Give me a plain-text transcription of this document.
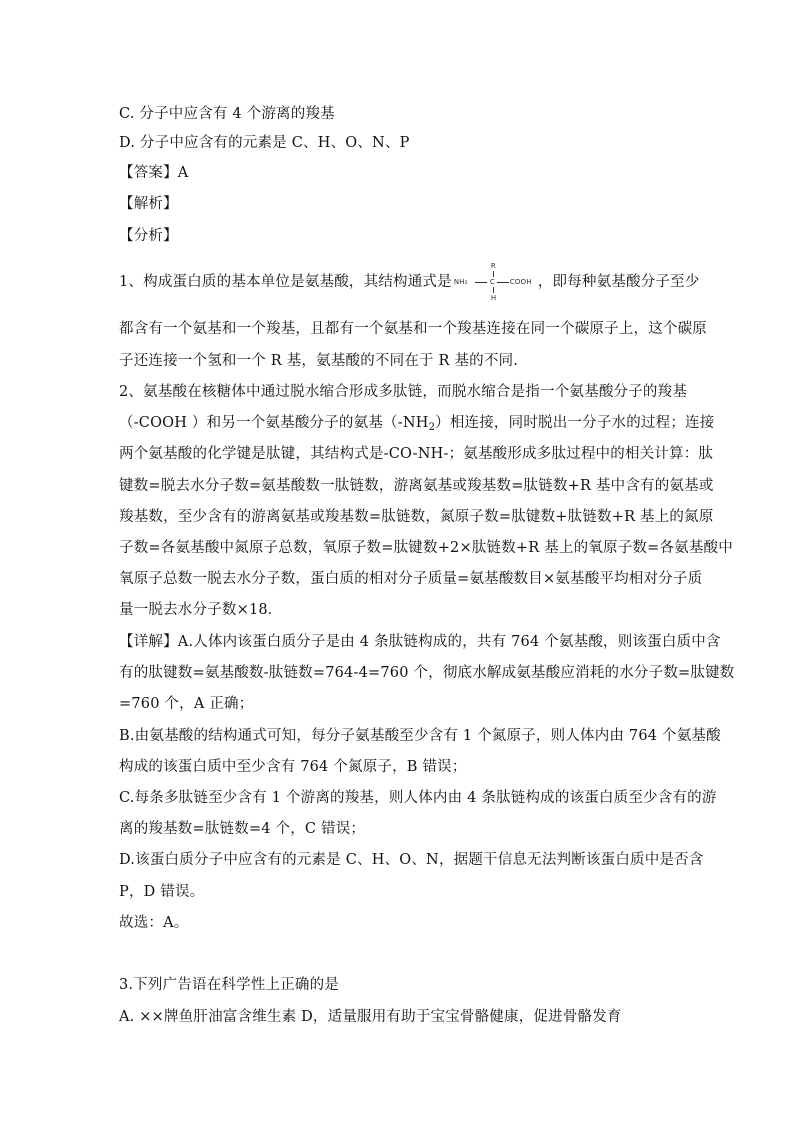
C. 分子中应含有 4 个游离的羧基
D. 分子中应含有的元素是 C、H、O、N、P
【答案】A
【解析】
【分析】
1、构成蛋白质的基本单位是氨基酸，其结构通式是 NH₂	C COOH
R
H
，即每种氨基酸分子至少
都含有一个氨基和一个羧基，且都有一个氨基和一个羧基连接在同一个碳原子上，这个碳原
子还连接一个氢和一个 R 基，氨基酸的不同在于 R 基的不同.
2、氨基酸在核糖体中通过脱水缩合形成多肽链，而脱水缩合是指一个氨基酸分子的羧基
（-COOH ）和另一个氨基酸分子的氨基$(-NH_2)$相连接，同时脱出一分子水的过程；连接
两个氨基酸的化学键是肽键，其结构式是-CO-NH-；氨基酸形成多肽过程中的相关计算：肽
键数=脱去水分子数=氨基酸数一肽链数，游离氨基或羧基数=肽链数+R 基中含有的氨基或
羧基数，至少含有的游离氨基或羧基数=肽链数，氮原子数=肽键数+肽链数+R 基上的氮原
子数=各氨基酸中氮原子总数，氧原子数=肽键数+2×肽链数+R 基上的氧原子数=各氨基酸中
氧原子总数一脱去水分子数，蛋白质的相对分子质量=氨基酸数目×氨基酸平均相对分子质
量一脱去水分子数×18．
【详解】A.人体内该蛋白质分子是由 4 条肽链构成的，共有 764 个氨基酸，则该蛋白质中含
有的肽键数=氨基酸数-肽链数=764-4=760 个，彻底水解成氨基酸应消耗的水分子数=肽键数
=760 个，A 正确；
B.由氨基酸的结构通式可知，每分子氨基酸至少含有 1 个氮原子，则人体内由 764 个氨基酸
构成的该蛋白质中至少含有 764 个氮原子，B 错误；
C.每条多肽链至少含有 1 个游离的羧基，则人体内由 4 条肽链构成的该蛋白质至少含有的游
离的羧基数=肽链数=4 个，C 错误；
D.该蛋白质分子中应含有的元素是 C、H、O、N，据题干信息无法判断该蛋白质中是否含
P，D 错误。
故选：A。
3.下列广告语在科学性上正确的是
A. ××牌鱼肝油富含维生素 D，适量服用有助于宝宝骨骼健康，促进骨骼发育
